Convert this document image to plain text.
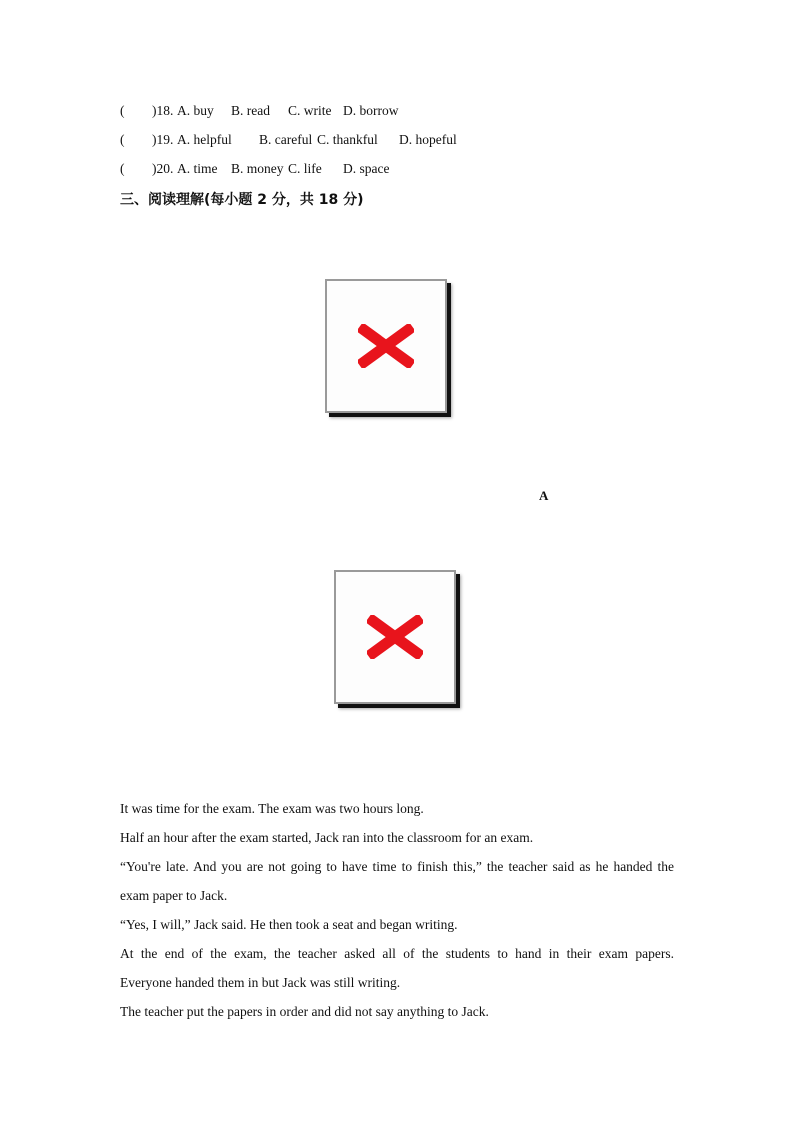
( )18. A. buy B. read C. write D. borrow
( )19. A. helpful B. careful C. thankful D. hopeful
( )20. A. time B. money C. life D. space
三、阅读理解(每小题 2 分，共 18 分)
A
It was time for the exam. The exam was two hours long.
Half an hour after the exam started, Jack ran into the classroom for an exam.
“You're late. And you are not going to have time to finish this,” the teacher said as he handed the
exam paper to Jack.
“Yes, I will,” Jack said. He then took a seat and began writing.
At the end of the exam, the teacher asked all of the students to hand in their exam papers.
Everyone handed them in but Jack was still writing.
The teacher put the papers in order and did not say anything to Jack.
